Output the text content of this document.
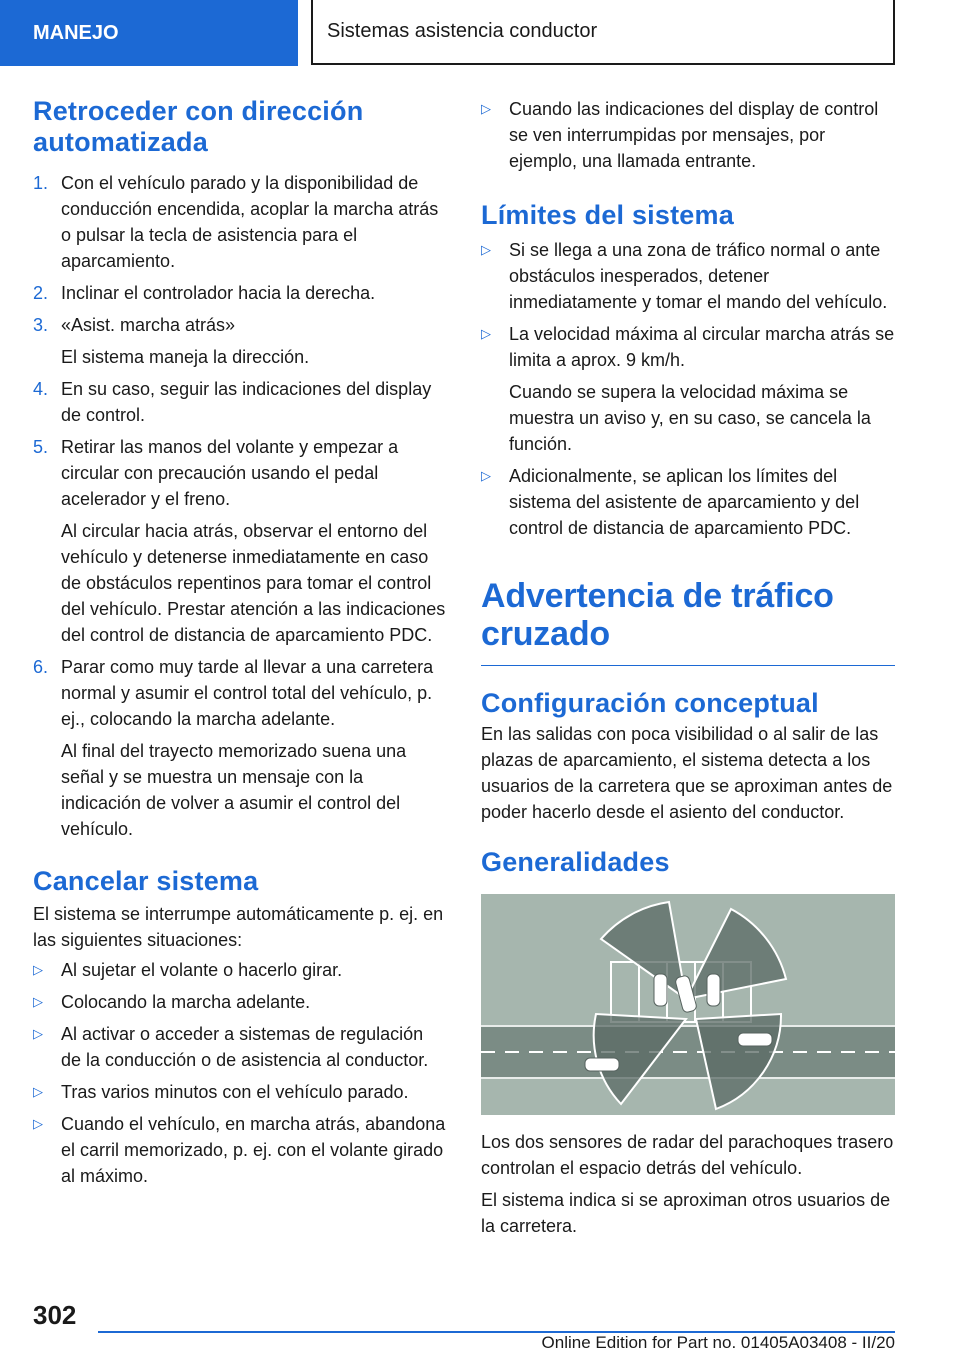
MANEJO	Sistemas asistencia conductor
Retroceder con dirección automatizada
1. Con el vehículo parado y la disponibilidad de conducción encendida, acoplar la marcha atrás o pulsar la tecla de asistencia para el aparcamiento.
2. Inclinar el controlador hacia la derecha.
3. «Asist. marcha atrás»
El sistema maneja la dirección.
4. En su caso, seguir las indicaciones del display de control.
5. Retirar las manos del volante y empezar a circular con precaución usando el pedal acelerador y el freno.
Al circular hacia atrás, observar el entorno del vehículo y detenerse inmediatamente en caso de obstáculos repentinos para tomar el control del vehículo. Prestar atención a las indicaciones del control de distancia de aparcamiento PDC.
6. Parar como muy tarde al llevar a una carretera normal y asumir el control total del vehículo, p. ej., colocando la marcha adelante.
Al final del trayecto memorizado suena una señal y se muestra un mensaje con la indicación de volver a asumir el control del vehículo.
Cancelar sistema

El sistema se interrumpe automáticamente p. ej. en las siguientes situaciones:

▷	Al sujetar el volante o hacerlo girar.
▷	Colocando la marcha adelante.
▷	Al activar o acceder a sistemas de regulación de la conducción o de asistencia al conductor.
▷	Tras varios minutos con el vehículo parado.
▷	Cuando el vehículo, en marcha atrás, abandona el carril memorizado, p. ej. con el volante girado al máximo.
▷	Cuando las indicaciones del display de control se ven interrumpidas por mensajes, por ejemplo, una llamada entrante.
Límites del sistema
▷	Si se llega a una zona de tráfico normal o ante obstáculos inesperados, detener inmediatamente y tomar el mando del vehículo.
▷	La velocidad máxima al circular marcha atrás se limita a aprox. 9 km/h.
Cuando se supera la velocidad máxima se muestra un aviso y, en su caso, se cancela la función.
▷	Adicionalmente, se aplican los límites del sistema del asistente de aparcamiento y del control de distancia de aparcamiento PDC.
Advertencia de tráfico cruzado
Configuración conceptual

En las salidas con poca visibilidad o al salir de las plazas de aparcamiento, el sistema detecta a los usuarios de la carretera que se aproximan antes de poder hacerlo desde el asiento del conductor.

Generalidades

Los dos sensores de radar del parachoques trasero controlan el espacio detrás del vehículo.

El sistema indica si se aproximan otros usuarios de la carretera.

302
Online Edition for Part no. 01405A03408 - II/20
